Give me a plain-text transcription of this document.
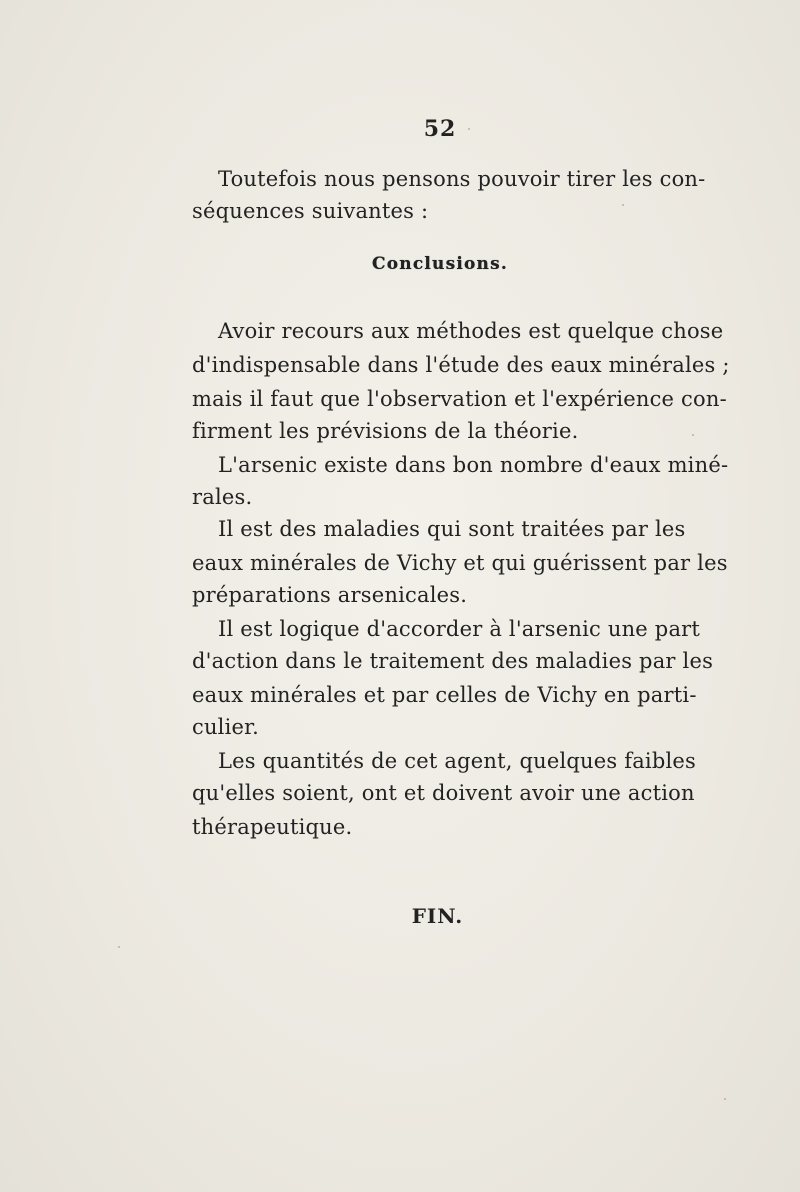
52
Toutefois nous pensons pouvoir tirer les con-
séquences suivantes :
Conclusions.
Avoir recours aux méthodes est quelque chose
d'indispensable dans l'étude des eaux minérales ;
mais il faut que l'observation et l'expérience con-
firment les prévisions de la théorie.
L'arsenic existe dans bon nombre d'eaux miné-
rales.
Il est des maladies qui sont traitées par les
eaux minérales de Vichy et qui guérissent par les
préparations arsenicales.
Il est logique d'accorder à l'arsenic une part
d'action dans le traitement des maladies par les
eaux minérales et par celles de Vichy en parti-
culier.
Les quantités de cet agent, quelques faibles
qu'elles soient, ont et doivent avoir une action
thérapeutique.
FIN.
